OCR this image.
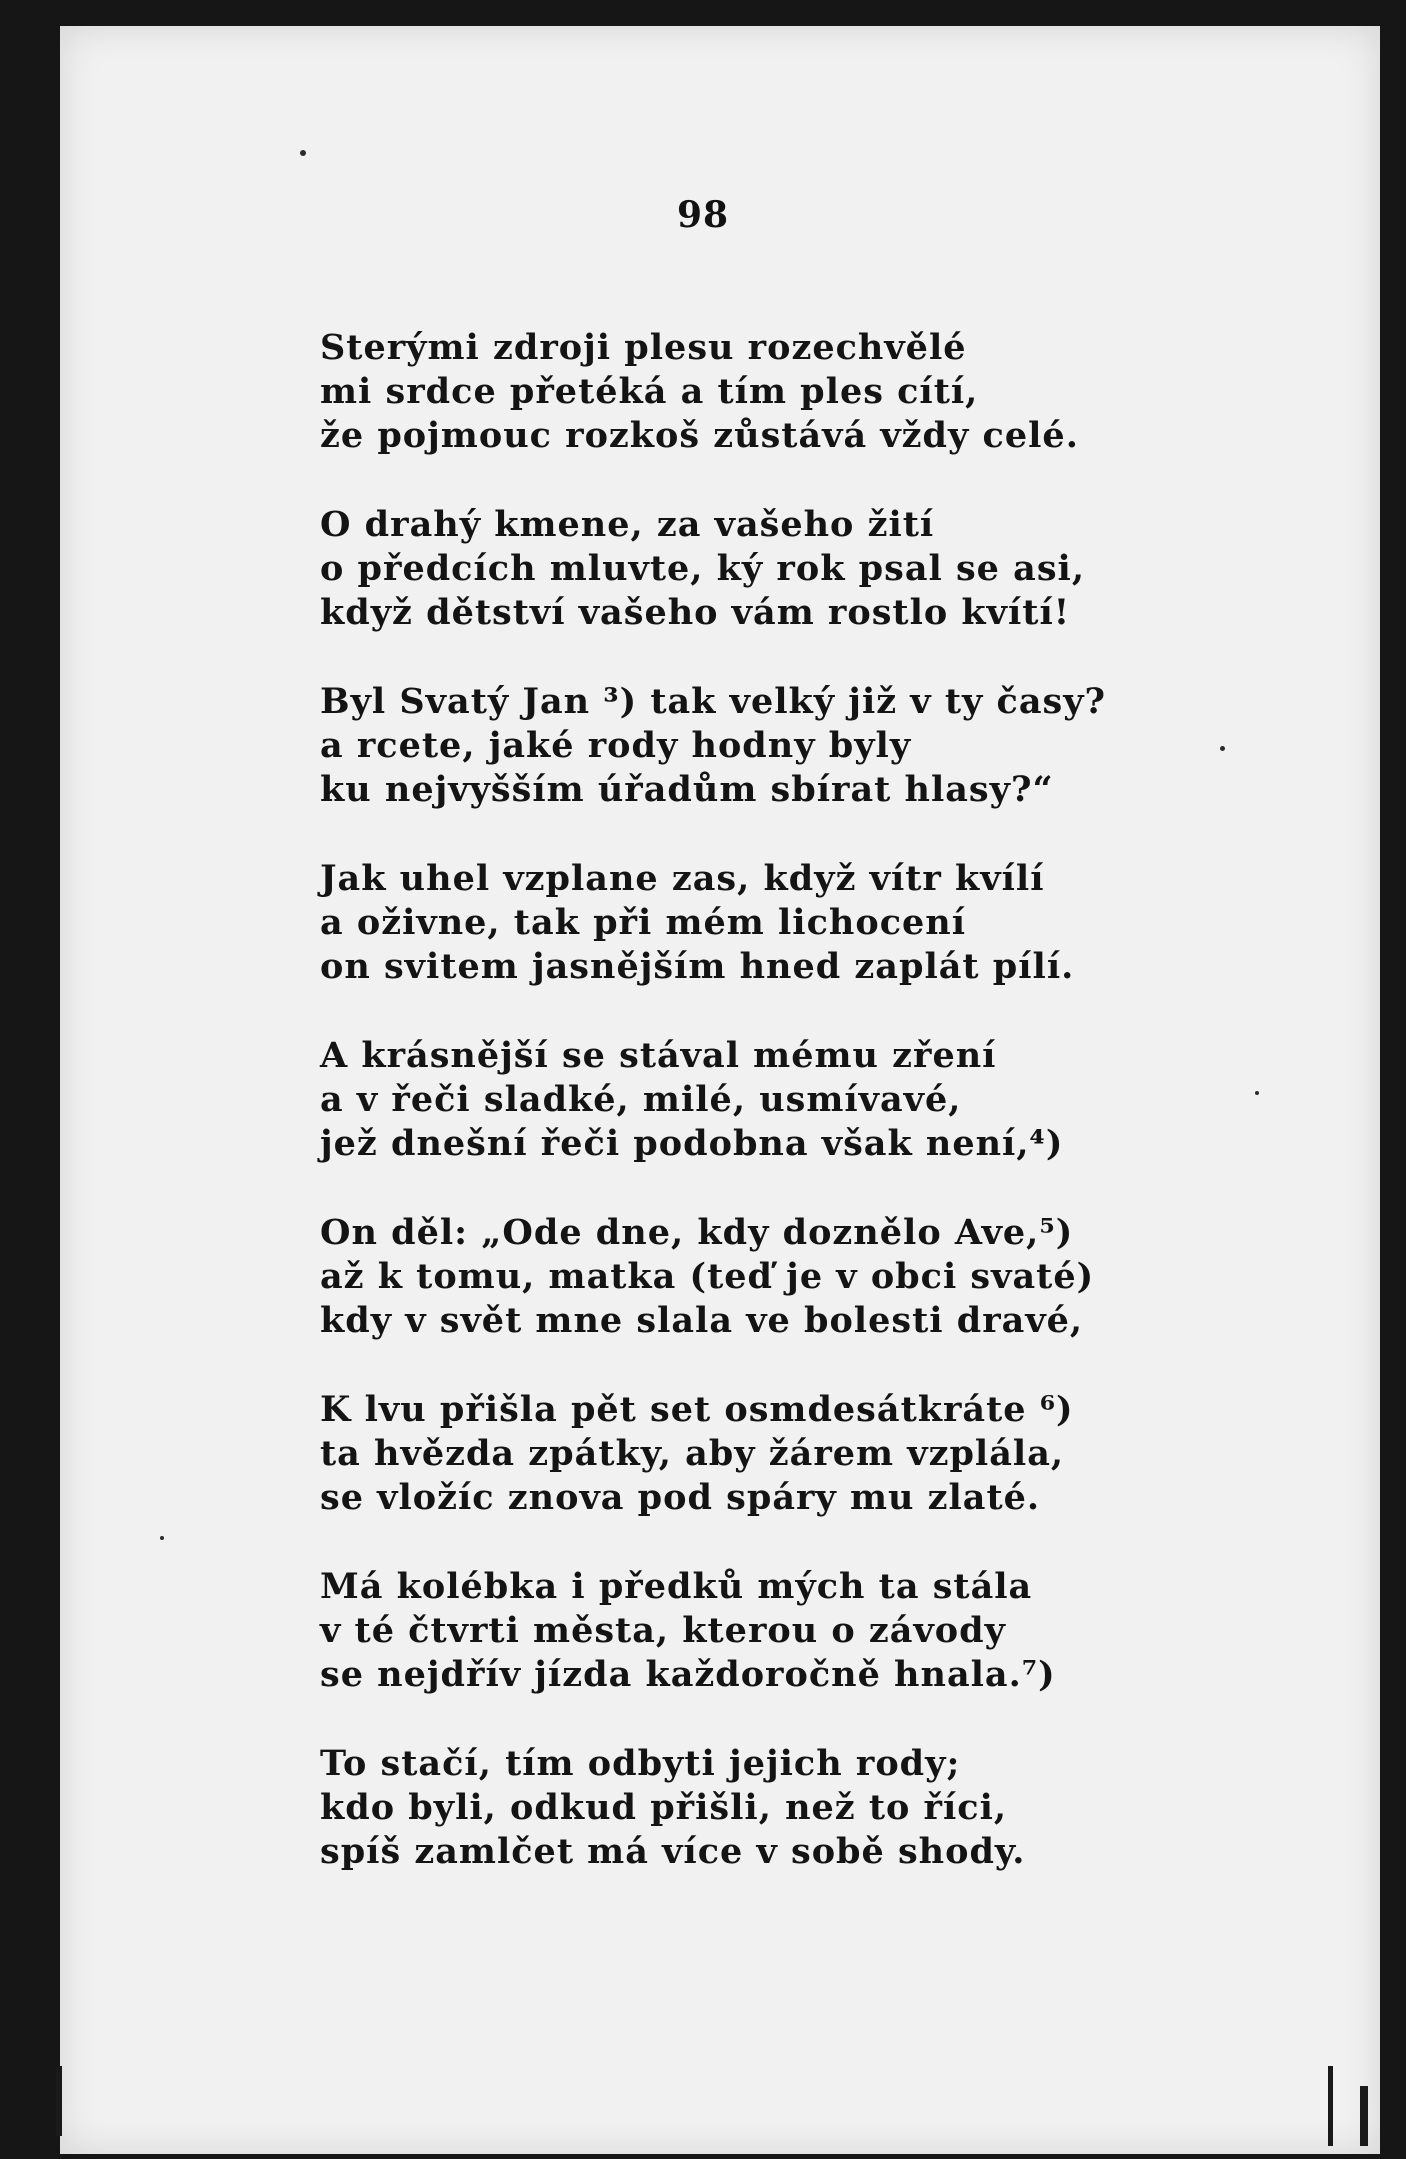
98
Sterými zdroji plesu rozechvělé
mi srdce přetéká a tím ples cítí,
že pojmouc rozkoš zůstává vždy celé.
O drahý kmene, za vašeho žití
o předcích mluvte, ký rok psal se asi,
když dětství vašeho vám rostlo kvítí!
Byl Svatý Jan ³) tak velký již v ty časy?
a rcete, jaké rody hodny byly
ku nejvyšším úřadům sbírat hlasy?“
Jak uhel vzplane zas, když vítr kvílí
a oživne, tak při mém lichocení
on svitem jasnějším hned zaplát pílí.
A krásnější se stával mému zření
a v řeči sladké, milé, usmívavé,
jež dnešní řeči podobna však není,⁴)
On děl: „Ode dne, kdy doznělo Ave,⁵)
až k tomu, matka (teď je v obci svaté)
kdy v svět mne slala ve bolesti dravé,
K lvu přišla pět set osmdesátkráte ⁶)
ta hvězda zpátky, aby žárem vzplála,
se vložíc znova pod spáry mu zlaté.
Má kolébka i předků mých ta stála
v té čtvrti města, kterou o závody
se nejdřív jízda každoročně hnala.⁷)
To stačí, tím odbyti jejich rody;
kdo byli, odkud přišli, než to říci,
spíš zamlčet má více v sobě shody.
